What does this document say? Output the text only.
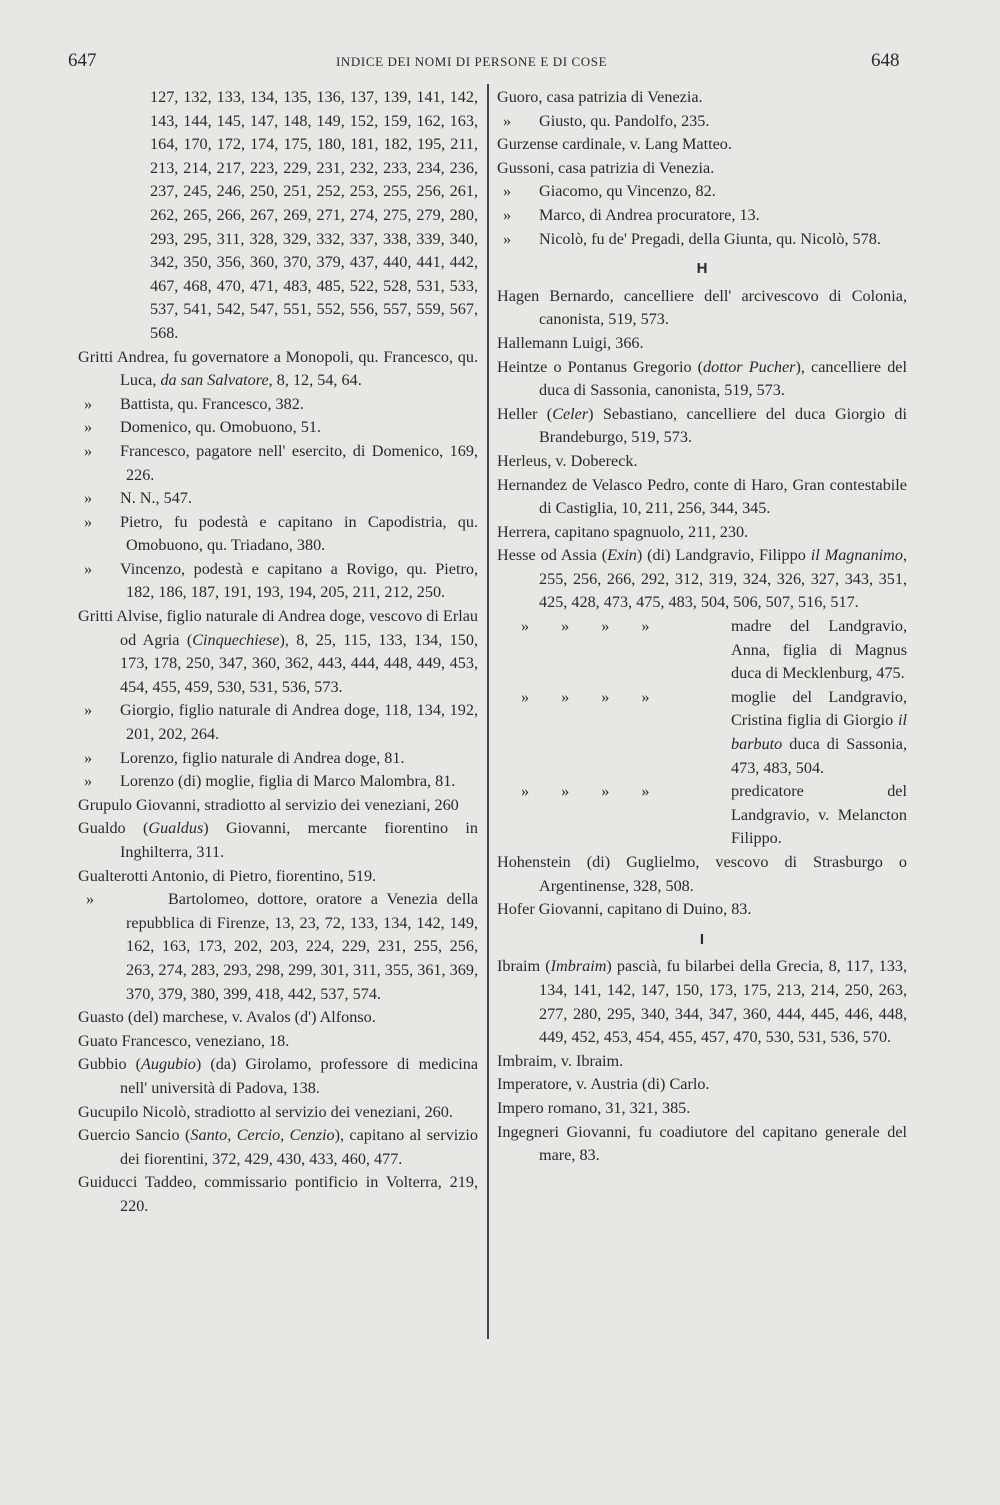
647	INDICE DEI NOMI DI PERSONE E DI COSE	648
127, 132, 133, 134, 135, 136, 137, 139, 141, 142, 143, 144, 145, 147, 148, 149, 152, 159, 162, 163, 164, 170, 172, 174, 175, 180, 181, 182, 195, 211, 213, 214, 217, 223, 229, 231, 232, 233, 234, 236, 237, 245, 246, 250, 251, 252, 253, 255, 256, 261, 262, 265, 266, 267, 269, 271, 274, 275, 279, 280, 293, 295, 311, 328, 329, 332, 337, 338, 339, 340, 342, 350, 356, 360, 370, 379, 437, 440, 441, 442, 467, 468, 470, 471, 483, 485, 522, 528, 531, 533, 537, 541, 542, 547, 551, 552, 556, 557, 559, 567, 568.
Gritti Andrea, fu governatore a Monopoli, qu. Francesco, qu. Luca, da san Salvatore, 8, 12, 54, 64.
» Battista, qu. Francesco, 382.
» Domenico, qu. Omobuono, 51.
» Francesco, pagatore nell' esercito, di Domenico, 169, 226.
» N. N., 547.
» Pietro, fu podestà e capitano in Capodistria, qu. Omobuono, qu. Triadano, 380.
» Vincenzo, podestà e capitano a Rovigo, qu. Pietro, 182, 186, 187, 191, 193, 194, 205, 211, 212, 250.
Gritti Alvise, figlio naturale di Andrea doge, vescovo di Erlau od Agria (Cinquechiese), 8, 25, 115, 133, 134, 150, 173, 178, 250, 347, 360, 362, 443, 444, 448, 449, 453, 454, 455, 459, 530, 531, 536, 573.
» Giorgio, figlio naturale di Andrea doge, 118, 134, 192, 201, 202, 264.
» Lorenzo, figlio naturale di Andrea doge, 81.
» Lorenzo (di) moglie, figlia di Marco Malombra, 81.
Grupulo Giovanni, stradiotto al servizio dei veneziani, 260
Gualdo (Gualdus) Giovanni, mercante fiorentino in Inghilterra, 311.
Gualterotti Antonio, di Pietro, fiorentino, 519.
»	Bartolomeo, dottore, oratore a Venezia della repubblica di Firenze, 13, 23, 72, 133, 134, 142, 149, 162, 163, 173, 202, 203, 224, 229, 231, 255, 256, 263, 274, 283, 293, 298, 299, 301, 311, 355, 361, 369, 370, 379, 380, 399, 418, 442, 537, 574.
Guasto (del) marchese, v. Avalos (d') Alfonso.
Guato Francesco, veneziano, 18.
Gubbio (Augubio) (da) Girolamo, professore di medicina nell' università di Padova, 138.
Gucupilo Nicolò, stradiotto al servizio dei veneziani, 260.
Guercio Sancio (Santo, Cercio, Cenzio), capitano al servizio dei fiorentini, 372, 429, 430, 433, 460, 477.
Guiducci Taddeo, commissario pontificio in Volterra, 219, 220.
Guoro, casa patrizia di Venezia.
» Giusto, qu. Pandolfo, 235.
Gurzense cardinale, v. Lang Matteo.
Gussoni, casa patrizia di Venezia.
» Giacomo, qu Vincenzo, 82.
» Marco, di Andrea procuratore, 13.
» Nicolò, fu de' Pregadi, della Giunta, qu. Nicolò, 578.
H
Hagen Bernardo, cancelliere dell' arcivescovo di Colonia, canonista, 519, 573.
Hallemann Luigi, 366.
Heintze o Pontanus Gregorio (dottor Pucher), cancelliere del duca di Sassonia, canonista, 519, 573.
Heller (Celer) Sebastiano, cancelliere del duca Giorgio di Brandeburgo, 519, 573.
Herleus, v. Dobereck.
Hernandez de Velasco Pedro, conte di Haro, Gran contestabile di Castiglia, 10, 211, 256, 344, 345.
Herrera, capitano spagnuolo, 211, 230.
Hesse od Assia (Exin) (di) Landgravio, Filippo il Magnanimo, 255, 256, 266, 292, 312, 319, 324, 326, 327, 343, 351, 425, 428, 473, 475, 483, 504, 506, 507, 516, 517.
» » » »	madre del Landgravio, Anna, figlia di Magnus duca di Mecklenburg, 475.
» » » »	moglie del Landgravio, Cristina figlia di Giorgio il barbuto duca di Sassonia, 473, 483, 504.
» » » »	predicatore del Landgravio, v. Melancton Filippo.
Hohenstein (di) Guglielmo, vescovo di Strasburgo o Argentinense, 328, 508.
Hofer Giovanni, capitano di Duino, 83.
I
Ibraim (Imbraim) pascià, fu bilarbei della Grecia, 8, 117, 133, 134, 141, 142, 147, 150, 173, 175, 213, 214, 250, 263, 277, 280, 295, 340, 344, 347, 360, 444, 445, 446, 448, 449, 452, 453, 454, 455, 457, 470, 530, 531, 536, 570.
Imbraim, v. Ibraim.
Imperatore, v. Austria (di) Carlo.
Impero romano, 31, 321, 385.
Ingegneri Giovanni, fu coadiutore del capitano generale del mare, 83.
